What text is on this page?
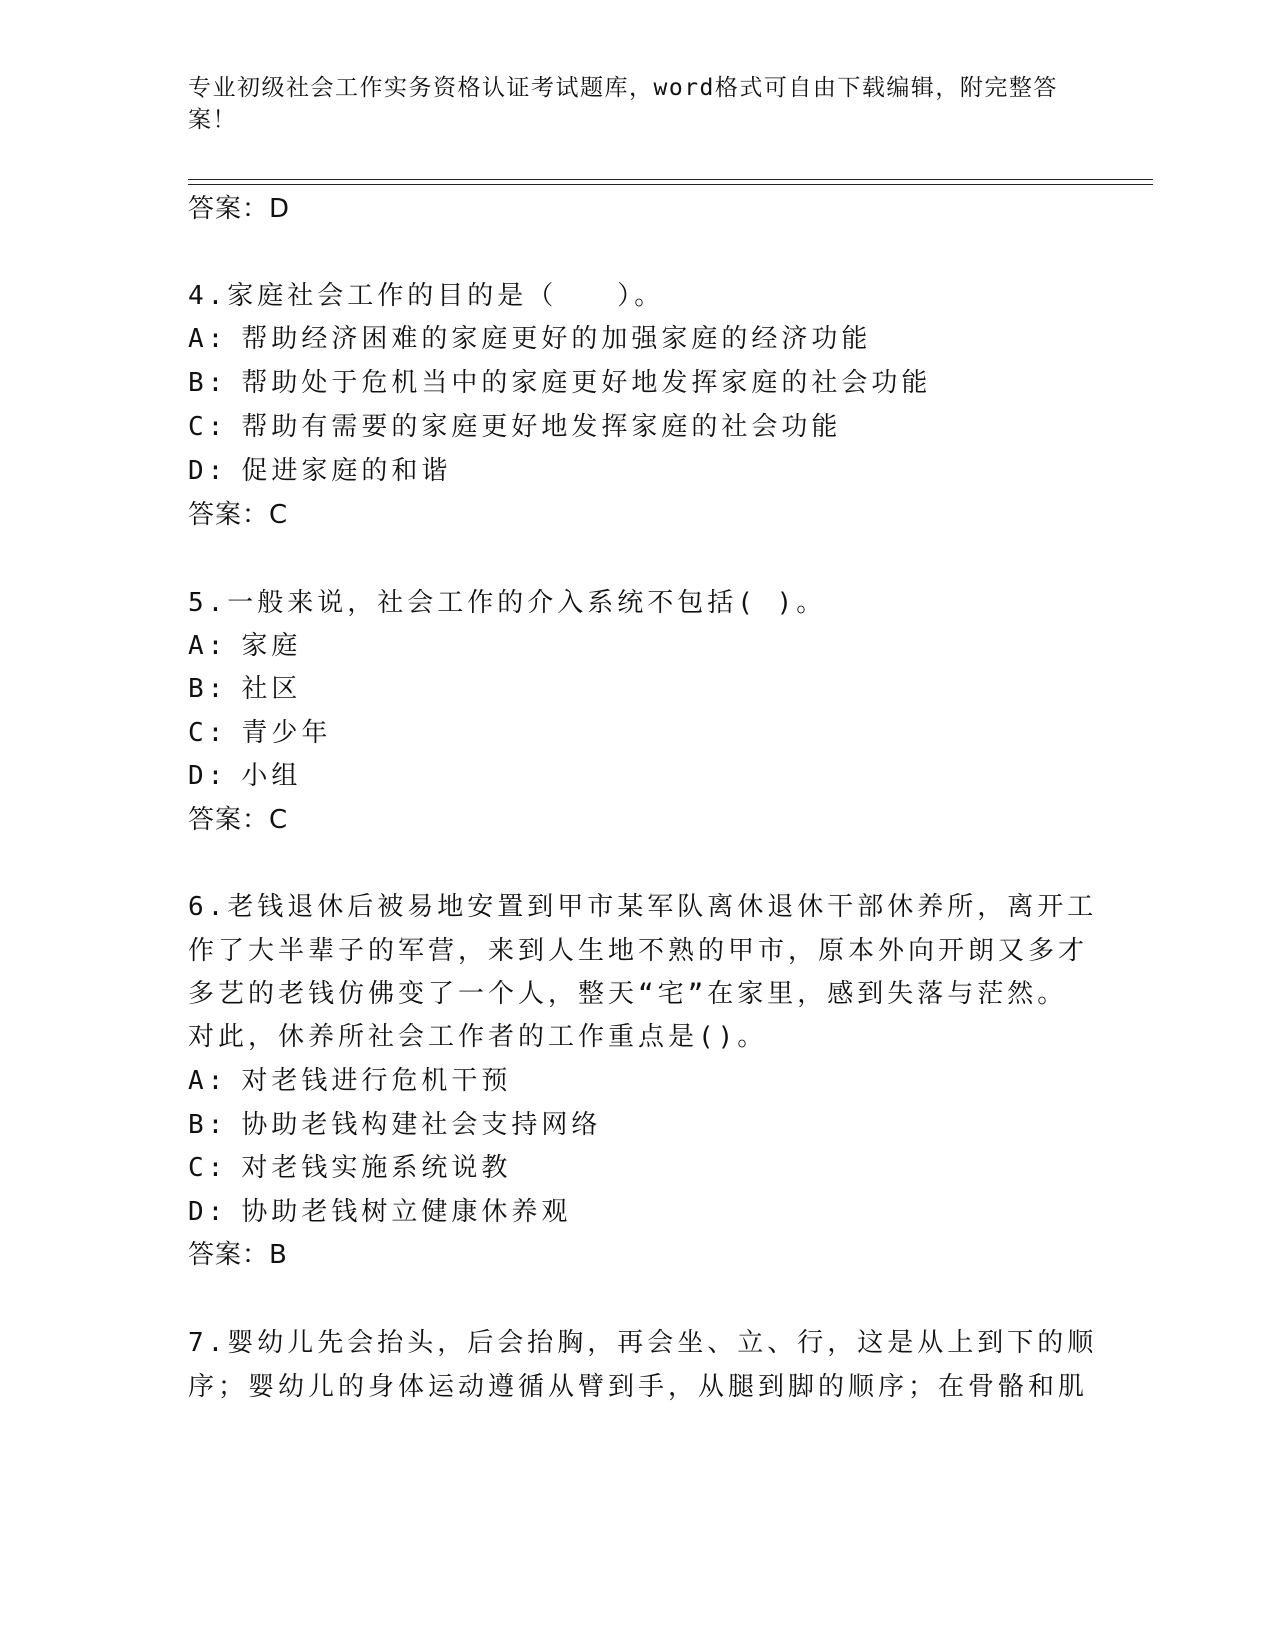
专业初级社会工作实务资格认证考试题库，word格式可自由下载编辑，附完整答
案！
答案：D
4.家庭社会工作的目的是（　　）。
A: 帮助经济困难的家庭更好的加强家庭的经济功能
B: 帮助处于危机当中的家庭更好地发挥家庭的社会功能
C: 帮助有需要的家庭更好地发挥家庭的社会功能
D: 促进家庭的和谐
答案：C
5.一般来说，社会工作的介入系统不包括( )。
A: 家庭
B: 社区
C: 青少年
D: 小组
答案：C
6.老钱退休后被易地安置到甲市某军队离休退休干部休养所，离开工
作了大半辈子的军营，来到人生地不熟的甲市，原本外向开朗又多才
多艺的老钱仿佛变了一个人，整天“宅”在家里，感到失落与茫然。
对此，休养所社会工作者的工作重点是()。
A: 对老钱进行危机干预
B: 协助老钱构建社会支持网络
C: 对老钱实施系统说教
D: 协助老钱树立健康休养观
答案：B
7.婴幼儿先会抬头，后会抬胸，再会坐、立、行，这是从上到下的顺
序；婴幼儿的身体运动遵循从臂到手，从腿到脚的顺序；在骨骼和肌
